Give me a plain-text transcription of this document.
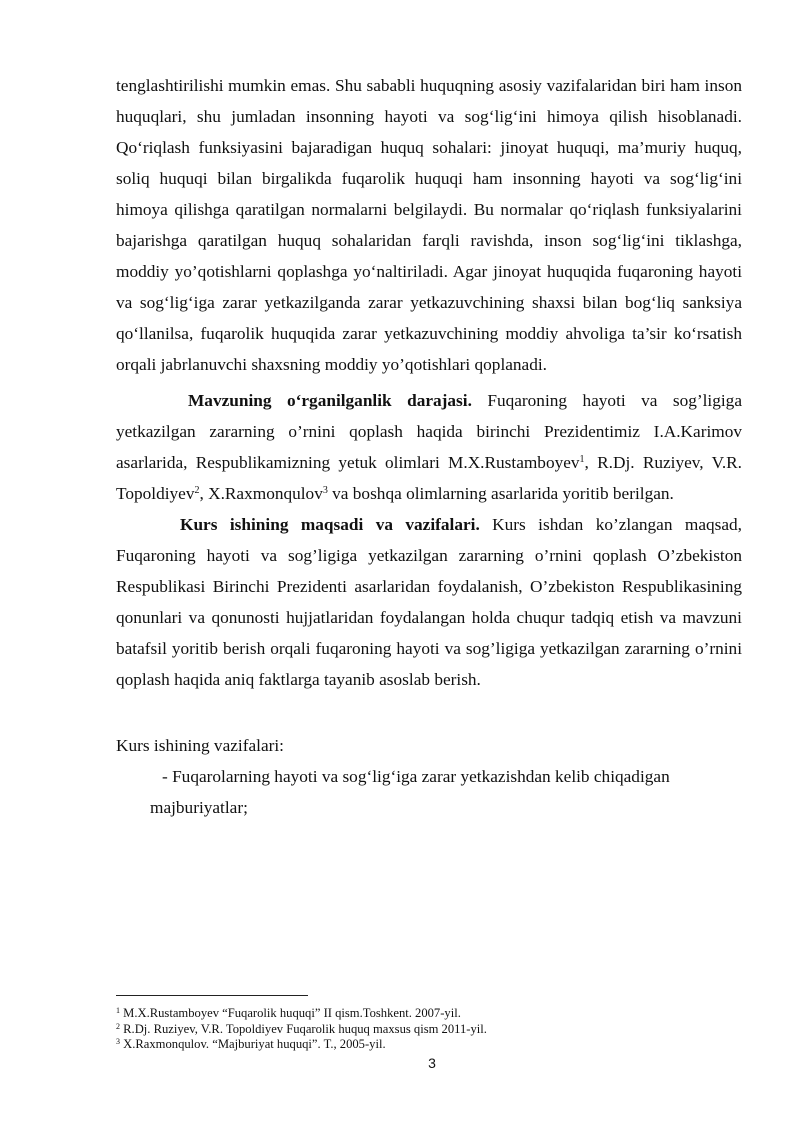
tenglashtirilishi mumkin emas. Shu sababli huquqning asosiy vazifalaridan biri ham inson huquqlari, shu jumladan insonning hayoti va sog‘lig‘ini himoya qilish hisoblanadi. Qo‘riqlash funksiyasini bajaradigan huquq sohalari: jinoyat huquqi, ma’muriy huquq, soliq huquqi bilan birgalikda fuqarolik huquqi ham insonning hayoti va sog‘lig‘ini himoya qilishga qaratilgan normalarni belgilaydi. Bu normalar qo‘riqlash funksiyalarini bajarishga qaratilgan huquq sohalaridan farqli ravishda, inson sog‘lig‘ini tiklashga, moddiy yo’qotishlarni qoplashga yo‘naltiriladi. Agar jinoyat huquqida fuqaroning hayoti va sog‘lig‘iga zarar yetkazilganda zarar yetkazuvchining shaxsi bilan bog‘liq sanksiya qo‘llanilsa, fuqarolik huquqida zarar yetkazuvchining moddiy ahvoliga ta’sir ko‘rsatish orqali jabrlanuvchi shaxsning moddiy yo’qotishlari qoplanadi.

Mavzuning o‘rganilganlik darajasi. Fuqaroning hayoti va sog’ligiga yetkazilgan zararning o’rnini qoplash haqida birinchi Prezidentimiz I.A.Karimov asarlarida, Respublikamizning yetuk olimlari M.X.Rustamboyev$^1$, R.Dj. Ruziyev, V.R. Topoldiyev$^2$, X.Raxmonqulov$^3$ va boshqa olimlarning asarlarida yoritib berilgan.

Kurs ishining maqsadi va vazifalari. Kurs ishdan ko’zlangan maqsad, Fuqaroning hayoti va sog’ligiga yetkazilgan zararning o’rnini qoplash O’zbekiston Respublikasi Birinchi Prezidenti asarlaridan foydalanish, O’zbekiston Respublikasining qonunlari va qonunosti hujjatlaridan foydalangan holda chuqur tadqiq etish va mavzuni batafsil yoritib berish orqali fuqaroning hayoti va sog’ligiga yetkazilgan zararning o’rnini qoplash haqida aniq faktlarga tayanib asoslab berish.

Kurs ishining vazifalari:

- Fuqarolarning hayoti va sog‘lig‘iga zarar yetkazishdan kelib chiqadigan majburiyatlar;

$^1$ M.X.Rustamboyev “Fuqarolik huquqi” II qism.Toshkent. 2007-yil.

$^2$ R.Dj. Ruziyev, V.R. Topoldiyev Fuqarolik huquq maxsus qism 2011-yil.

$^3$ X.Raxmonqulov. “Majburiyat huquqi”. T., 2005-yil.

3
